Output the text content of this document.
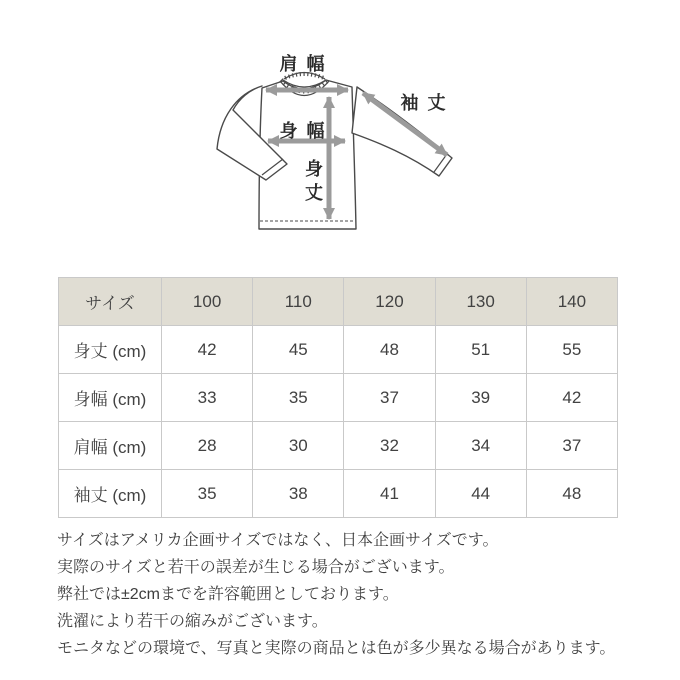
肩 幅
袖 丈
身 幅
身
丈
サイズ	100	110	120	130	140
身丈 (cm)	42	45	48	51	55
身幅 (cm)	33	35	37	39	42
肩幅 (cm)	28	30	32	34	37
袖丈 (cm)	35	38	41	44	48
サイズはアメリカ企画サイズではなく、日本企画サイズです。
実際のサイズと若干の誤差が生じる場合がございます。
弊社では±2cmまでを許容範囲としております。
洗濯により若干の縮みがございます。
モニタなどの環境で、写真と実際の商品とは色が多少異なる場合があります。
